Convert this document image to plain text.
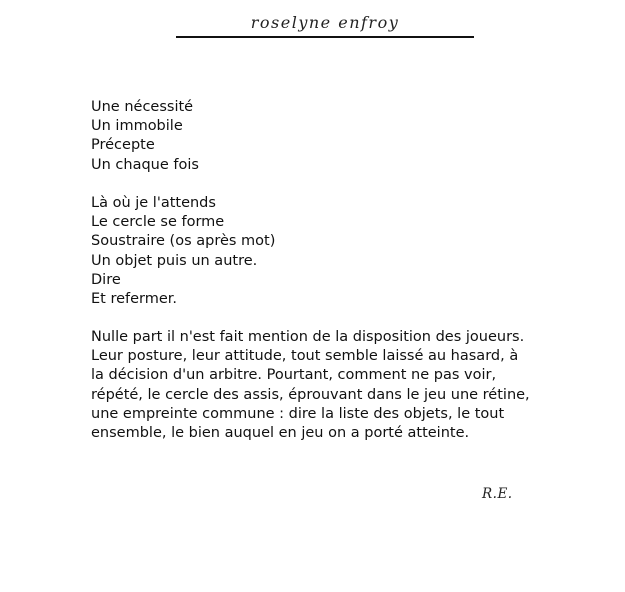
roselyne enfroy
Une nécessité
Un immobile
Précepte
Un chaque fois
Là où je l'attends
Le cercle se forme
Soustraire (os après mot)
Un objet puis un autre.
Dire
Et refermer.
Nulle part il n'est fait mention de la disposition des joueurs.
Leur posture, leur attitude, tout semble laissé au hasard, à
la décision d'un arbitre. Pourtant, comment ne pas voir,
répété, le cercle des assis, éprouvant dans le jeu une rétine,
une empreinte commune : dire la liste des objets, le tout
ensemble, le bien auquel en jeu on a porté atteinte.
R.E.
